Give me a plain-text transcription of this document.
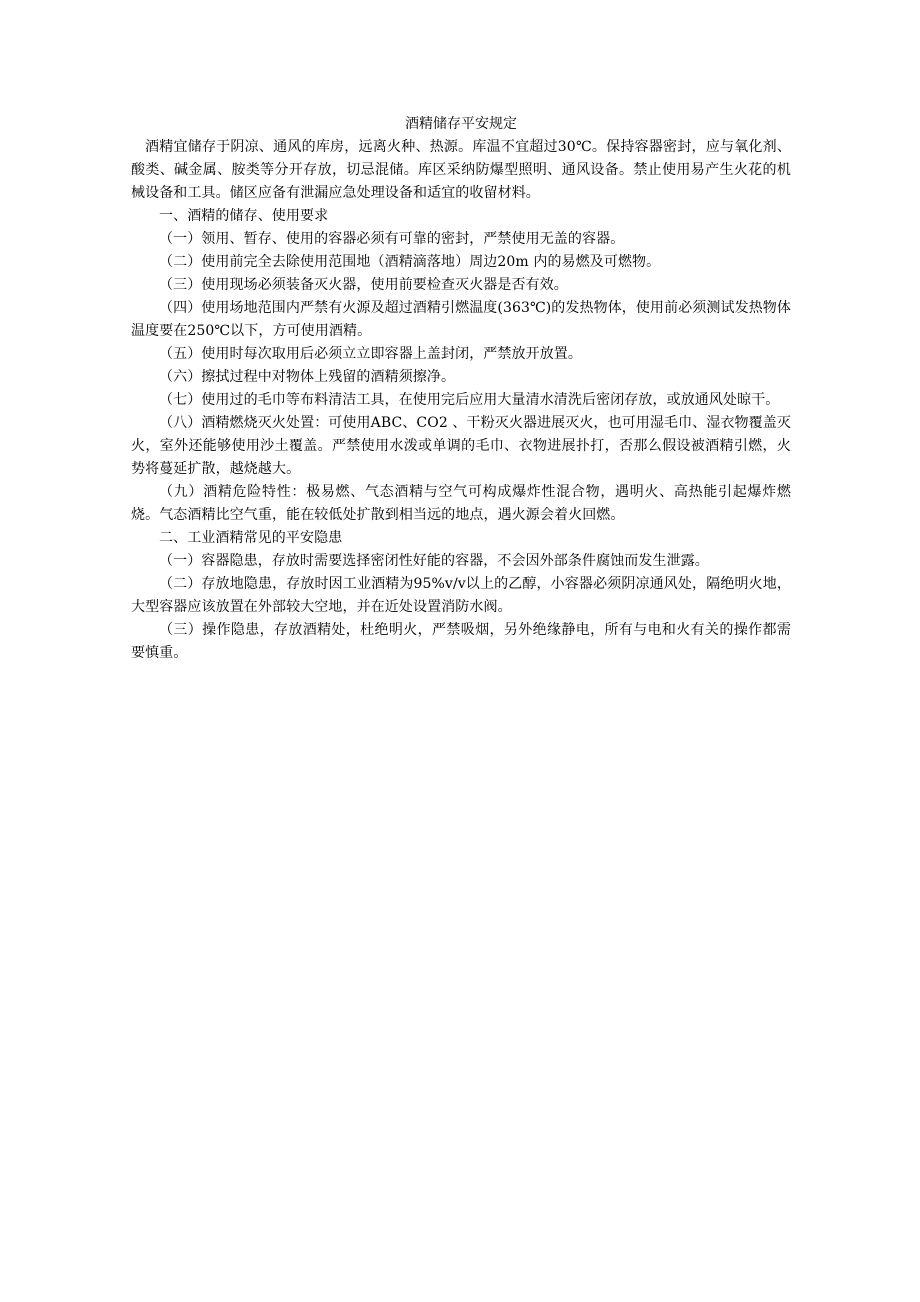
酒精储存平安规定

酒精宜储存于阴凉、通风的库房，远离火种、热源。库温不宜超过30℃。保持容器密封，应与氧化剂、酸类、碱金属、胺类等分开存放，切忌混储。库区采纳防爆型照明、通风设备。禁止使用易产生火花的机械设备和工具。储区应备有泄漏应急处理设备和适宜的收留材料。

一、酒精的储存、使用要求

（一）领用、暂存、使用的容器必须有可靠的密封，严禁使用无盖的容器。

（二）使用前完全去除使用范围地（酒精滴落地）周边20m 内的易燃及可燃物。

（三）使用现场必须装备灭火器，使用前要检查灭火器是否有效。

（四）使用场地范围内严禁有火源及超过酒精引燃温度(363℃)的发热物体，使用前必须测试发热物体温度要在250℃以下，方可使用酒精。

（五）使用时每次取用后必须立立即容器上盖封闭，严禁放开放置。

（六）擦拭过程中对物体上残留的酒精须擦净。

（七）使用过的毛巾等布料清洁工具，在使用完后应用大量清水清洗后密闭存放，或放通风处晾干。

（八）酒精燃烧灭火处置：可使用ABC、CO2 、干粉灭火器进展灭火，也可用湿毛巾、湿衣物覆盖灭火，室外还能够使用沙土覆盖。严禁使用水泼或单调的毛巾、衣物进展扑打，否那么假设被酒精引燃，火势将蔓延扩散，越烧越大。

（九）酒精危险特性：极易燃、气态酒精与空气可构成爆炸性混合物，遇明火、高热能引起爆炸燃烧。气态酒精比空气重，能在较低处扩散到相当远的地点，遇火源会着火回燃。

二、工业酒精常见的平安隐患

（一）容器隐患，存放时需要选择密闭性好能的容器，不会因外部条件腐蚀而发生泄露。

（二）存放地隐患，存放时因工业酒精为95%v/v以上的乙醇，小容器必须阴凉通风处，隔绝明火地，大型容器应该放置在外部较大空地，并在近处设置消防水阀。

（三）操作隐患，存放酒精处，杜绝明火，严禁吸烟，另外绝缘静电，所有与电和火有关的操作都需要慎重。
